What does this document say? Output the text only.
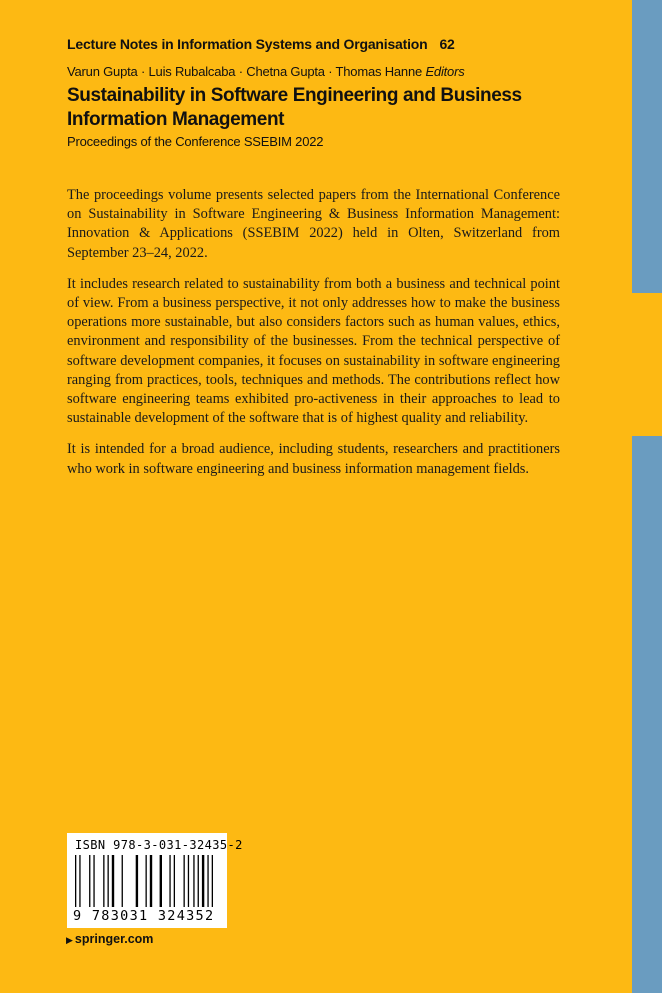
Lecture Notes in Information Systems and Organisation 62
Varun Gupta · Luis Rubalcaba · Chetna Gupta · Thomas Hanne Editors
Sustainability in Software Engineering and Business Information Management
Proceedings of the Conference SSEBIM 2022

The proceedings volume presents selected papers from the International Conference on Sustainability in Software Engineering & Business Information Management: Innovation & Applications (SSEBIM 2022) held in Olten, Switzerland from September 23–24, 2022.

It includes research related to sustainability from both a business and technical point of view. From a business perspective, it not only addresses how to make the business operations more sustainable, but also considers factors such as human values, ethics, environment and responsibility of the businesses. From the technical perspective of software development companies, it focuses on sustainability in software engineering ranging from practices, tools, techniques and methods. The contributions reflect how software engineering teams exhibited pro-activeness in their approaches to lead to sustainable development of the software that is of highest quality and reliability.

It is intended for a broad audience, including students, researchers and practitioners who work in software engineering and business information management fields.

ISBN 978-3-031-32435-2
9 783031 324352
▶ springer.com
